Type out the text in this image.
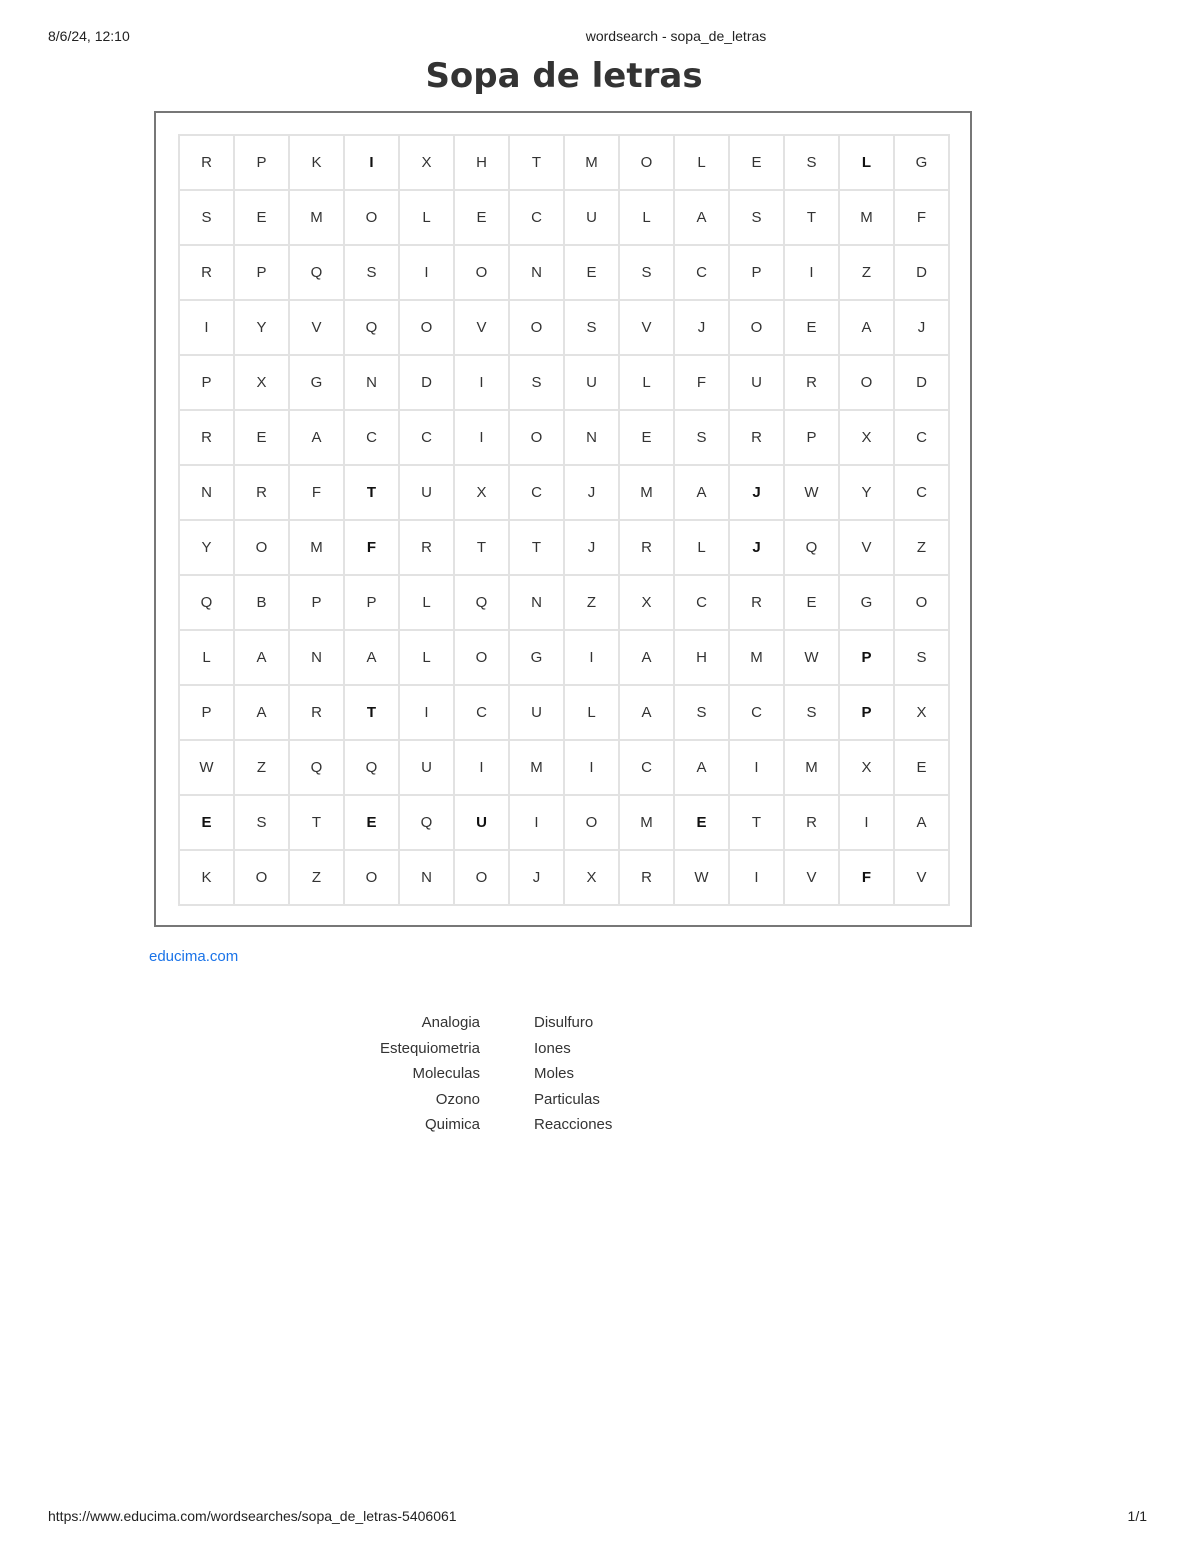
8/6/24, 12:10	wordsearch - sopa_de_letras
Sopa de letras
R	P	K	I	X	H	T	M	O	L	E	S	L	G
S	E	M	O	L	E	C	U	L	A	S	T	M	F
R	P	Q	S	I	O	N	E	S	C	P	I	Z	D
I	Y	V	Q	O	V	O	S	V	J	O	E	A	J
P	X	G	N	D	I	S	U	L	F	U	R	O	D
R	E	A	C	C	I	O	N	E	S	R	P	X	C
N	R	F	T	U	X	C	J	M	A	J	W	Y	C
Y	O	M	F	R	T	T	J	R	L	J	Q	V	Z
Q	B	P	P	L	Q	N	Z	X	C	R	E	G	O
L	A	N	A	L	O	G	I	A	H	M	W	P	S
P	A	R	T	I	C	U	L	A	S	C	S	P	X
W	Z	Q	Q	U	I	M	I	C	A	I	M	X	E
E	S	T	E	Q	U	I	O	M	E	T	R	I	A
K	O	Z	O	N	O	J	X	R	W	I	V	F	V
educima.com
Analogia
Estequiometria
Moleculas
Ozono
Quimica
Disulfuro
Iones
Moles
Particulas
Reacciones
https://www.educima.com/wordsearches/sopa_de_letras-5406061	1/1
